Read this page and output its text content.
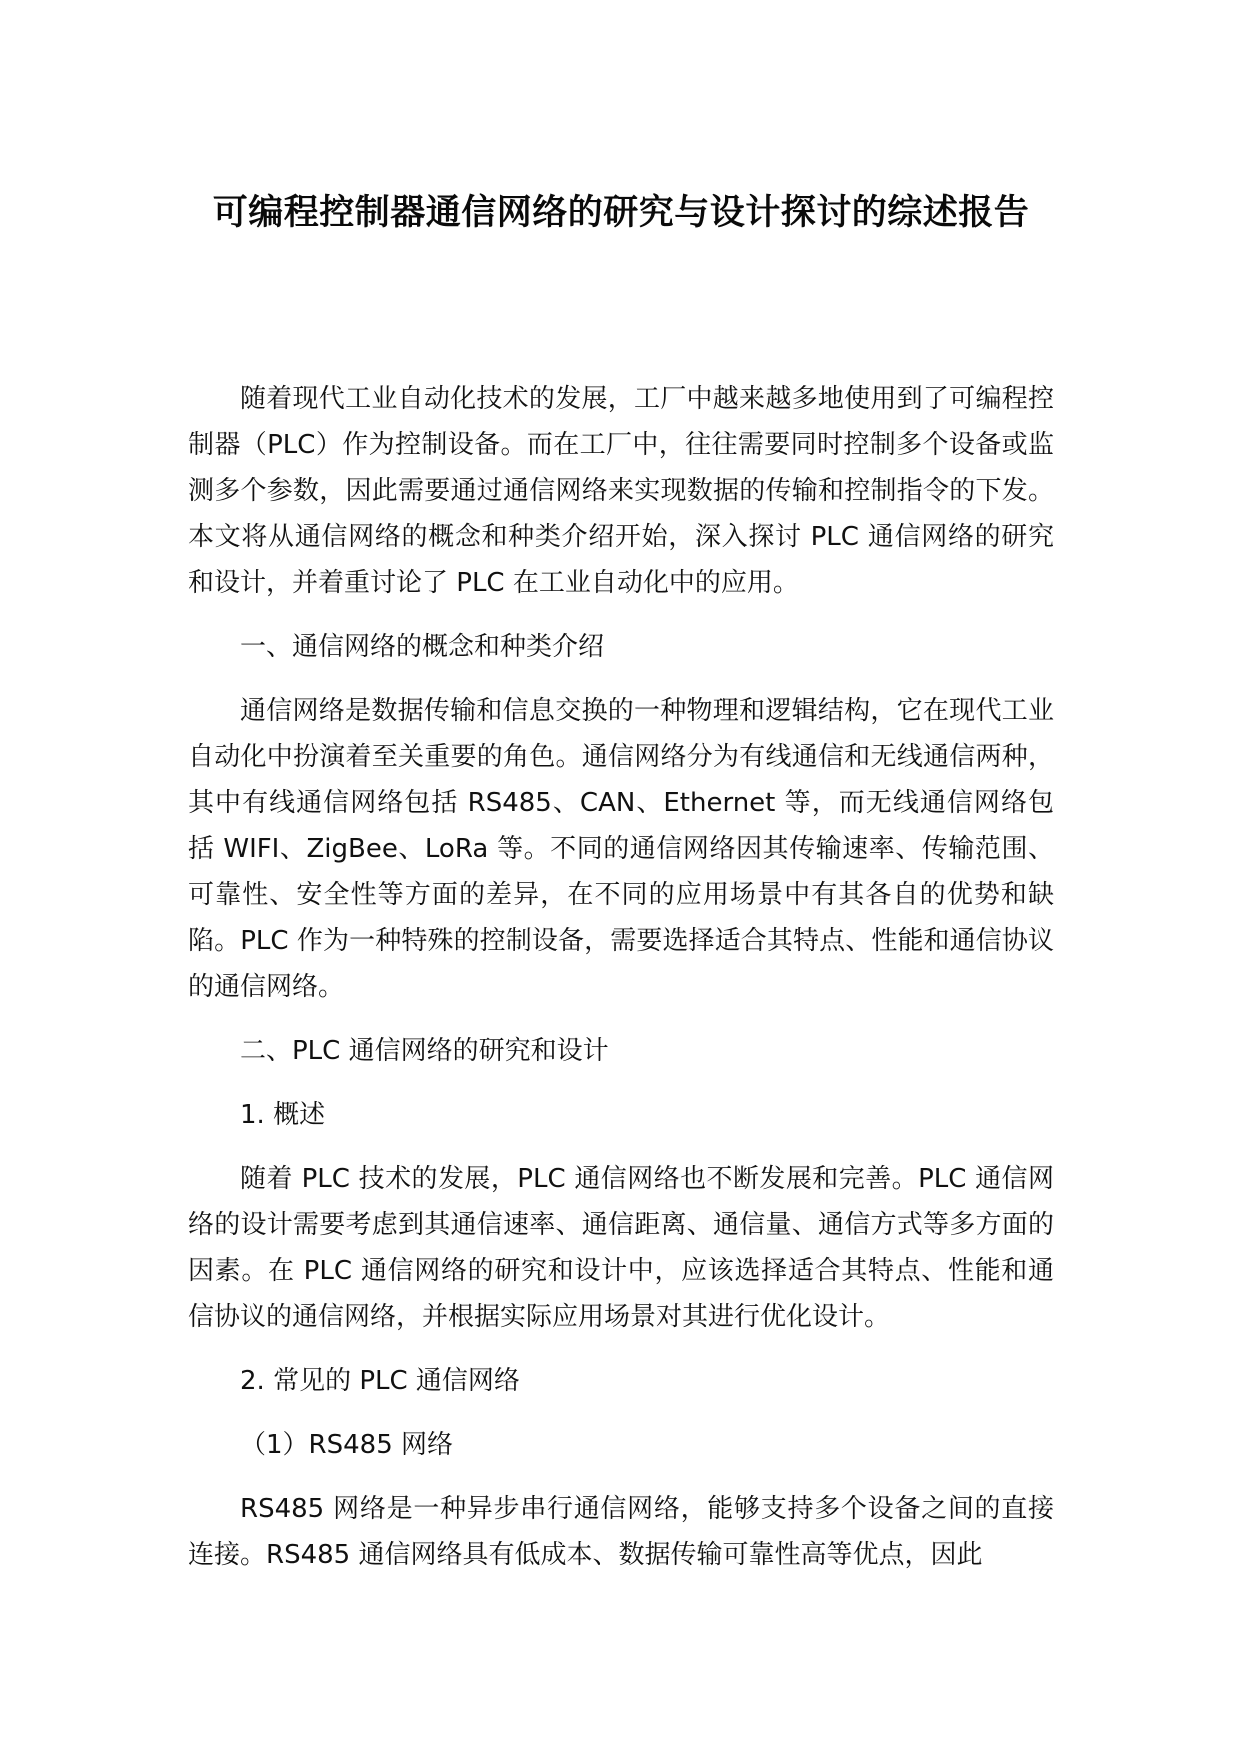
可编程控制器通信网络的研究与设计探讨的综述报告

随着现代工业自动化技术的发展，工厂中越来越多地使用到了可编程控制器（PLC）作为控制设备。而在工厂中，往往需要同时控制多个设备或监测多个参数，因此需要通过通信网络来实现数据的传输和控制指令的下发。本文将从通信网络的概念和种类介绍开始，深入探讨 PLC 通信网络的研究和设计，并着重讨论了 PLC 在工业自动化中的应用。

一、通信网络的概念和种类介绍

通信网络是数据传输和信息交换的一种物理和逻辑结构，它在现代工业自动化中扮演着至关重要的角色。通信网络分为有线通信和无线通信两种，其中有线通信网络包括 RS485、CAN、Ethernet 等，而无线通信网络包括 WIFI、ZigBee、LoRa 等。不同的通信网络因其传输速率、传输范围、可靠性、安全性等方面的差异，在不同的应用场景中有其各自的优势和缺陷。PLC 作为一种特殊的控制设备，需要选择适合其特点、性能和通信协议的通信网络。

二、PLC 通信网络的研究和设计

1. 概述

随着 PLC 技术的发展，PLC 通信网络也不断发展和完善。PLC 通信网络的设计需要考虑到其通信速率、通信距离、通信量、通信方式等多方面的因素。在 PLC 通信网络的研究和设计中，应该选择适合其特点、性能和通信协议的通信网络，并根据实际应用场景对其进行优化设计。

2. 常见的 PLC 通信网络

（1）RS485 网络

RS485 网络是一种异步串行通信网络，能够支持多个设备之间的直接连接。RS485 通信网络具有低成本、数据传输可靠性高等优点，因此
